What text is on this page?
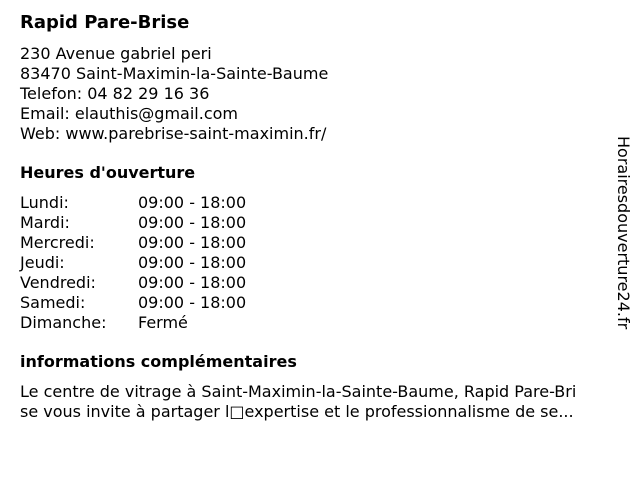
Rapid Pare-Brise
230 Avenue gabriel peri
83470 Saint-Maximin-la-Sainte-Baume
Telefon: 04 82 29 16 36
Email: elauthis@gmail.com
Web: www.parebrise-saint-maximin.fr/
Heures d'ouverture
Lundi:	09:00 - 18:00
Mardi:	09:00 - 18:00
Mercredi:	09:00 - 18:00
Jeudi:	09:00 - 18:00
Vendredi:	09:00 - 18:00
Samedi:	09:00 - 18:00
Dimanche:	Fermé
informations complémentaires
Le centre de vitrage à Saint-Maximin-la-Sainte-Baume, Rapid Pare-Bri
se vous invite à partager l□expertise et le professionnalisme de se...
Horairesdouverture24.fr
